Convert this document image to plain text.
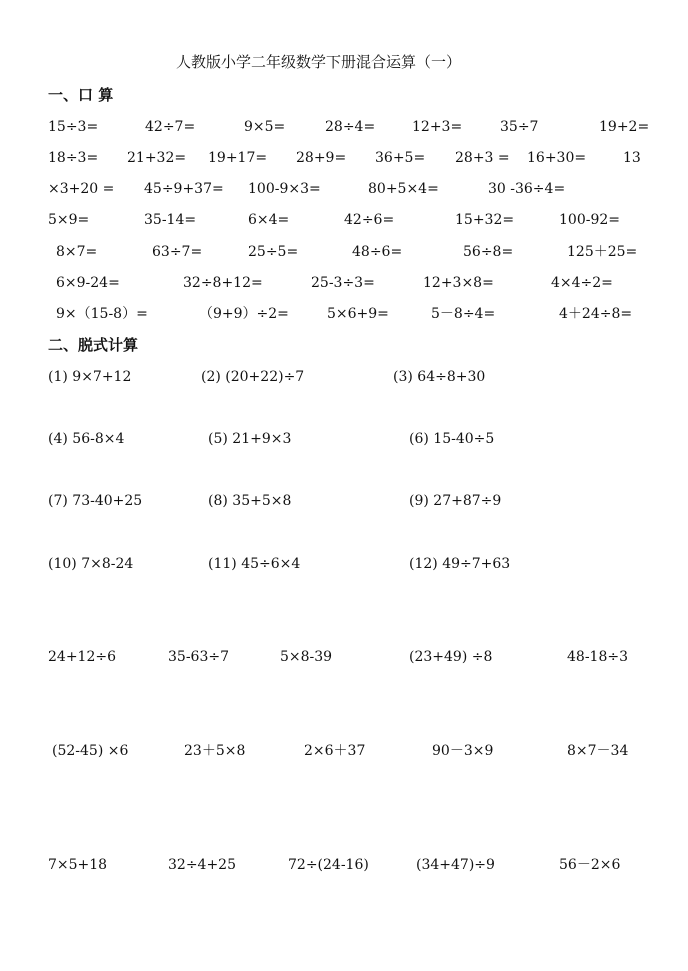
人教版小学二年级数学下册混合运算（一）
一、口 算
15÷3=	42÷7=	9×5=	28÷4=	12+3=	35÷7	19+2=
18÷3= 21+32= 19+17= 28+9= 36+5= 28+3 = 16+30=	13
×3+20 = 45÷9+37= 100-9×3=	80+5×4=	30 -36÷4=
5×9=	35-14=	6×4=	42÷6=	15+32=	100-92=
8×7=	63÷7=	25÷5=	48÷6=	56÷8=	125＋25=
6×9-24=	32÷8+12=	25-3÷3=	12+3×8=	4×4÷2=
9×（15-8）=	（9+9）÷2=	5×6+9=	5－8÷4=	4＋24÷8=
二、脱式计算
(1) 9×7+12	(2) (20+22)÷7	(3) 64÷8+30
(4) 56-8×4	(5) 21+9×3	(6) 15-40÷5
(7) 73-40+25	(8) 35+5×8	(9) 27+87÷9
(10) 7×8-24	(11) 45÷6×4	(12) 49÷7+63
24+12÷6	35-63÷7	5×8-39	(23+49) ÷8	48-18÷3
(52-45) ×6	23＋5×8	2×6＋37	90－3×9	8×7－34
7×5+18	32÷4+25	72÷(24-16)	(34+47)÷9	56－2×6
